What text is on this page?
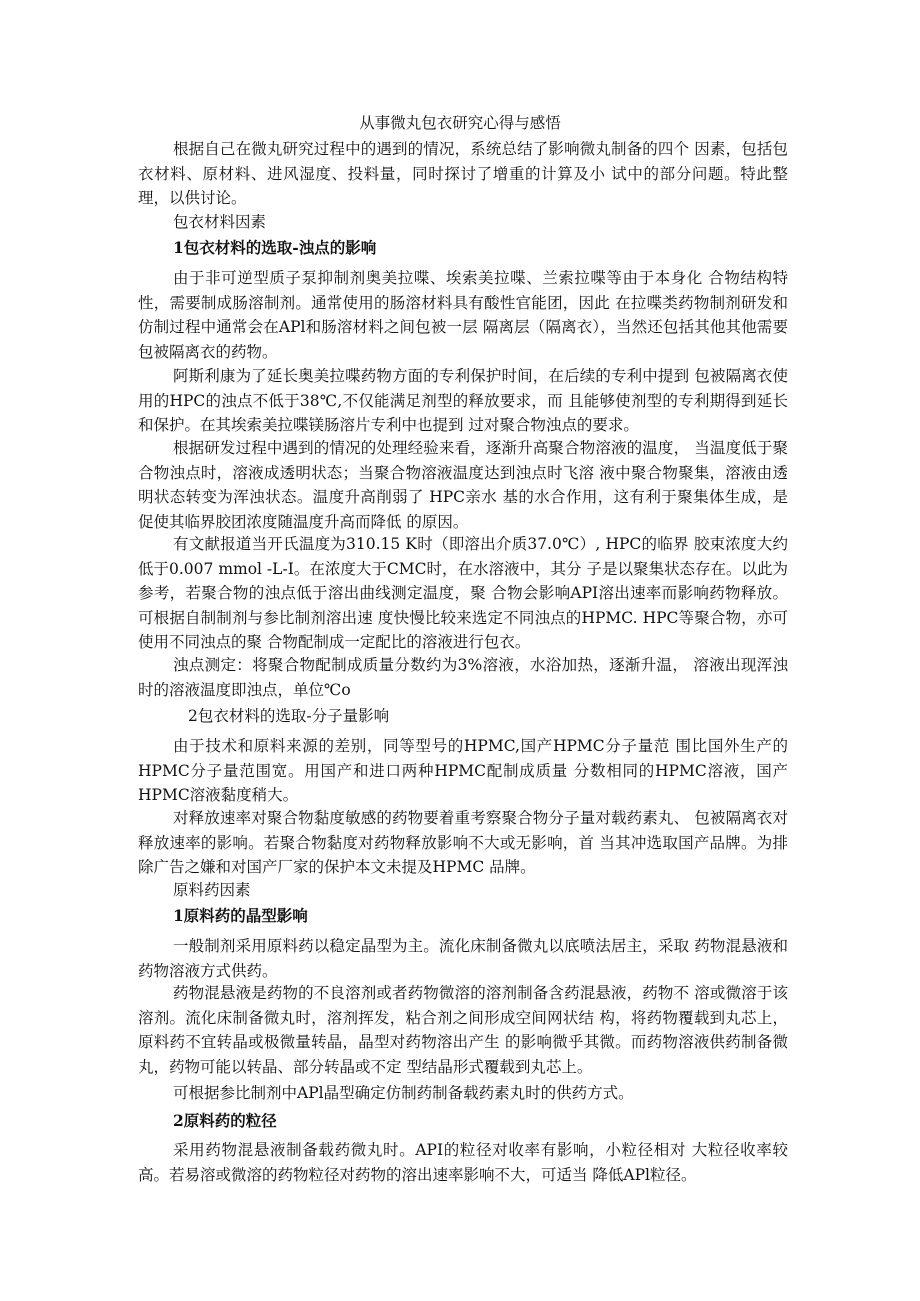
从事微丸包衣研究心得与感悟

根据自己在微丸研究过程中的遇到的情况，系统总结了影响微丸制备的四个 因素，包括包衣材料、原材料、进风湿度、投料量，同时探讨了增重的计算及小 试中的部分问题。特此整理，以供讨论。

包衣材料因素

1包衣材料的选取-浊点的影响

由于非可逆型质子泵抑制剂奥美拉喋、埃索美拉喋、兰索拉喋等由于本身化 合物结构特性，需要制成肠溶制剂。通常使用的肠溶材料具有酸性官能团，因此 在拉喋类药物制剂研发和仿制过程中通常会在APl和肠溶材料之间包被一层 隔离层（隔离衣），当然还包括其他其他需要包被隔离衣的药物。

阿斯利康为了延长奥美拉喋药物方面的专利保护时间，在后续的专利中提到 包被隔离衣使用的HPC的浊点不低于38℃,不仅能满足剂型的释放要求，而 且能够使剂型的专利期得到延长和保护。在其埃索美拉喋镁肠溶片专利中也提到 过对聚合物浊点的要求。

根据研发过程中遇到的情况的处理经验来看，逐渐升高聚合物溶液的温度， 当温度低于聚合物浊点时，溶液成透明状态；当聚合物溶液温度达到浊点时飞溶 液中聚合物聚集，溶液由透明状态转变为浑浊状态。温度升高削弱了 HPC亲水 基的水合作用，这有利于聚集体生成，是促使其临界胶团浓度随温度升高而降低 的原因。

有文献报道当开氏温度为310.15 K时（即溶出介质37.0℃）, HPC的临界 胶束浓度大约低于0.007 mmol -L-I。在浓度大于CMC时，在水溶液中，其分 子是以聚集状态存在。以此为参考，若聚合物的浊点低于溶出曲线测定温度，聚 合物会影响API溶出速率而影响药物释放。可根据自制制剂与参比制剂溶出速 度快慢比较来选定不同浊点的HPMC. HPC等聚合物，亦可使用不同浊点的聚 合物配制成一定配比的溶液进行包衣。

浊点测定：将聚合物配制成质量分数约为3%溶液，水浴加热，逐渐升温， 溶液出现浑浊时的溶液温度即浊点，单位℃o

2包衣材料的选取-分子量影响

由于技术和原料来源的差别，同等型号的HPMC,国产HPMC分子量范 围比国外生产的HPMC分子量范围宽。用国产和进口两种HPMC配制成质量 分数相同的HPMC溶液，国产HPMC溶液黏度稍大。

对释放速率对聚合物黏度敏感的药物要着重考察聚合物分子量对载药素丸、 包被隔离衣对释放速率的影响。若聚合物黏度对药物释放影响不大或无影响，首 当其冲选取国产品牌。为排除广告之嫌和对国产厂家的保护本文未提及HPMC 品牌。

原料药因素

1原料药的晶型影响

一般制剂采用原料药以稳定晶型为主。流化床制备微丸以底喷法居主，采取 药物混悬液和药物溶液方式供药。

药物混悬液是药物的不良溶剂或者药物微溶的溶剂制备含药混悬液，药物不 溶或微溶于该溶剂。流化床制备微丸时，溶剂挥发，粘合剂之间形成空间网状结 构，将药物覆载到丸芯上，原料药不宜转晶或极微量转晶，晶型对药物溶出产生 的影响微乎其微。而药物溶液供药制备微丸，药物可能以转晶、部分转晶或不定 型结晶形式覆载到丸芯上。

可根据参比制剂中APl晶型确定仿制药制备载药素丸时的供药方式。

2原料药的粒径

采用药物混悬液制备载药微丸时。API的粒径对收率有影响，小粒径相对 大粒径收率较高。若易溶或微溶的药物粒径对药物的溶出速率影响不大，可适当 降低APl粒径。
